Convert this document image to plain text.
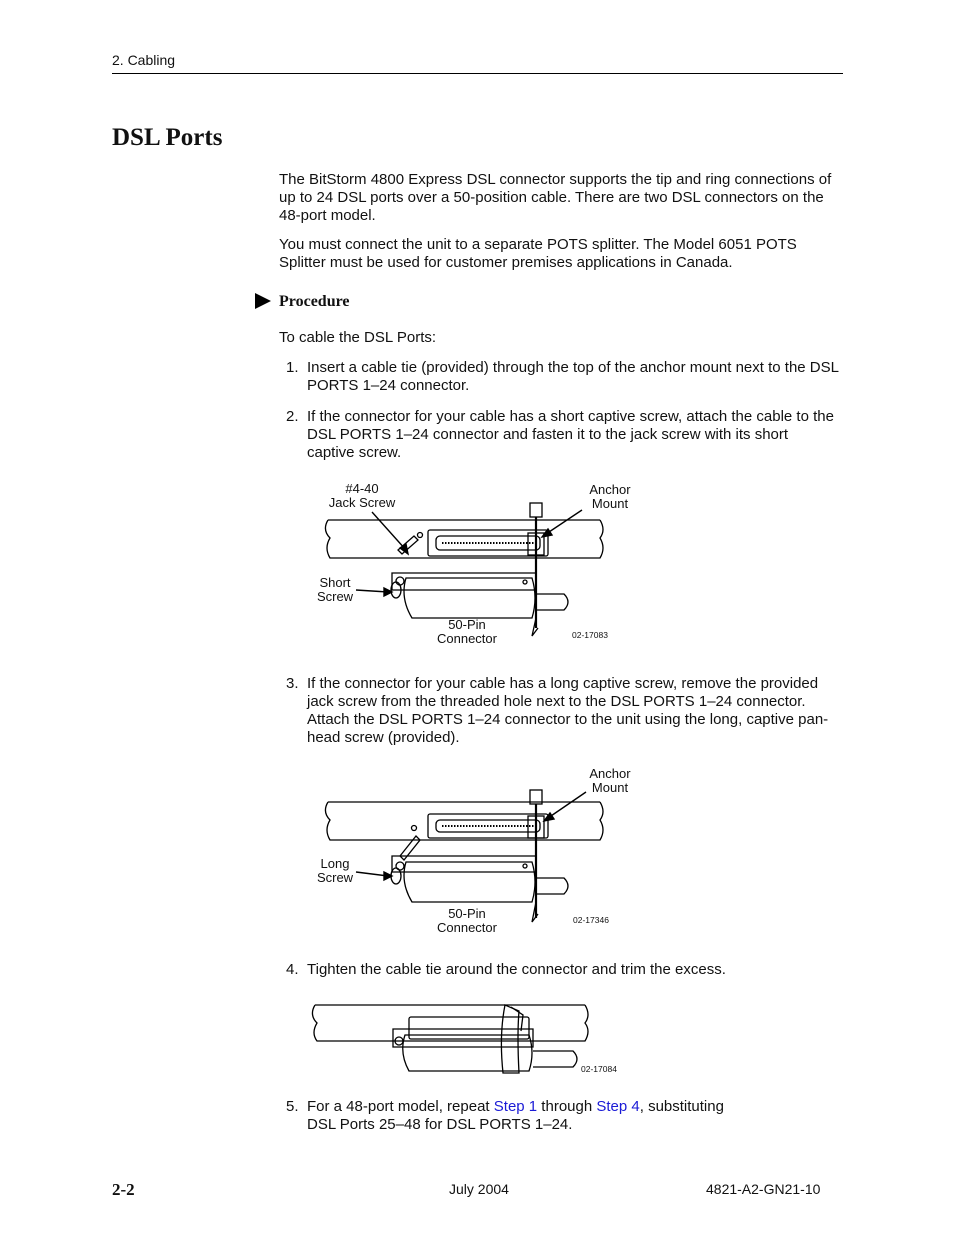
2. Cabling
DSL Ports
The BitStorm 4800 Express DSL connector supports the tip and ring connections of up to 24 DSL ports over a 50-position cable. There are two DSL connectors on the 48-port model.
You must connect the unit to a separate POTS splitter. The Model 6051 POTS Splitter must be used for customer premises applications in Canada.
Procedure
To cable the DSL Ports:
1. Insert a cable tie (provided) through the top of the anchor mount next to the DSL PORTS 1–24 connector.
2. If the connector for your cable has a short captive screw, attach the cable to the DSL PORTS 1–24 connector and fasten it to the jack screw with its short captive screw.
#4-40
Jack Screw
Anchor
Mount
Short
Screw
50-Pin
Connector	02-17083
3. If the connector for your cable has a long captive screw, remove the provided jack screw from the threaded hole next to the DSL PORTS 1–24 connector. Attach the DSL PORTS 1–24 connector to the unit using the long, captive pan-head screw (provided).
Anchor
Mount
Long
Screw
50-Pin
Connector	02-17346
4. Tighten the cable tie around the connector and trim the excess.
02-17084
5. For a 48-port model, repeat Step 1 through Step 4, substituting DSL Ports 25–48 for DSL PORTS 1–24.
2-2	July 2004	4821-A2-GN21-10
